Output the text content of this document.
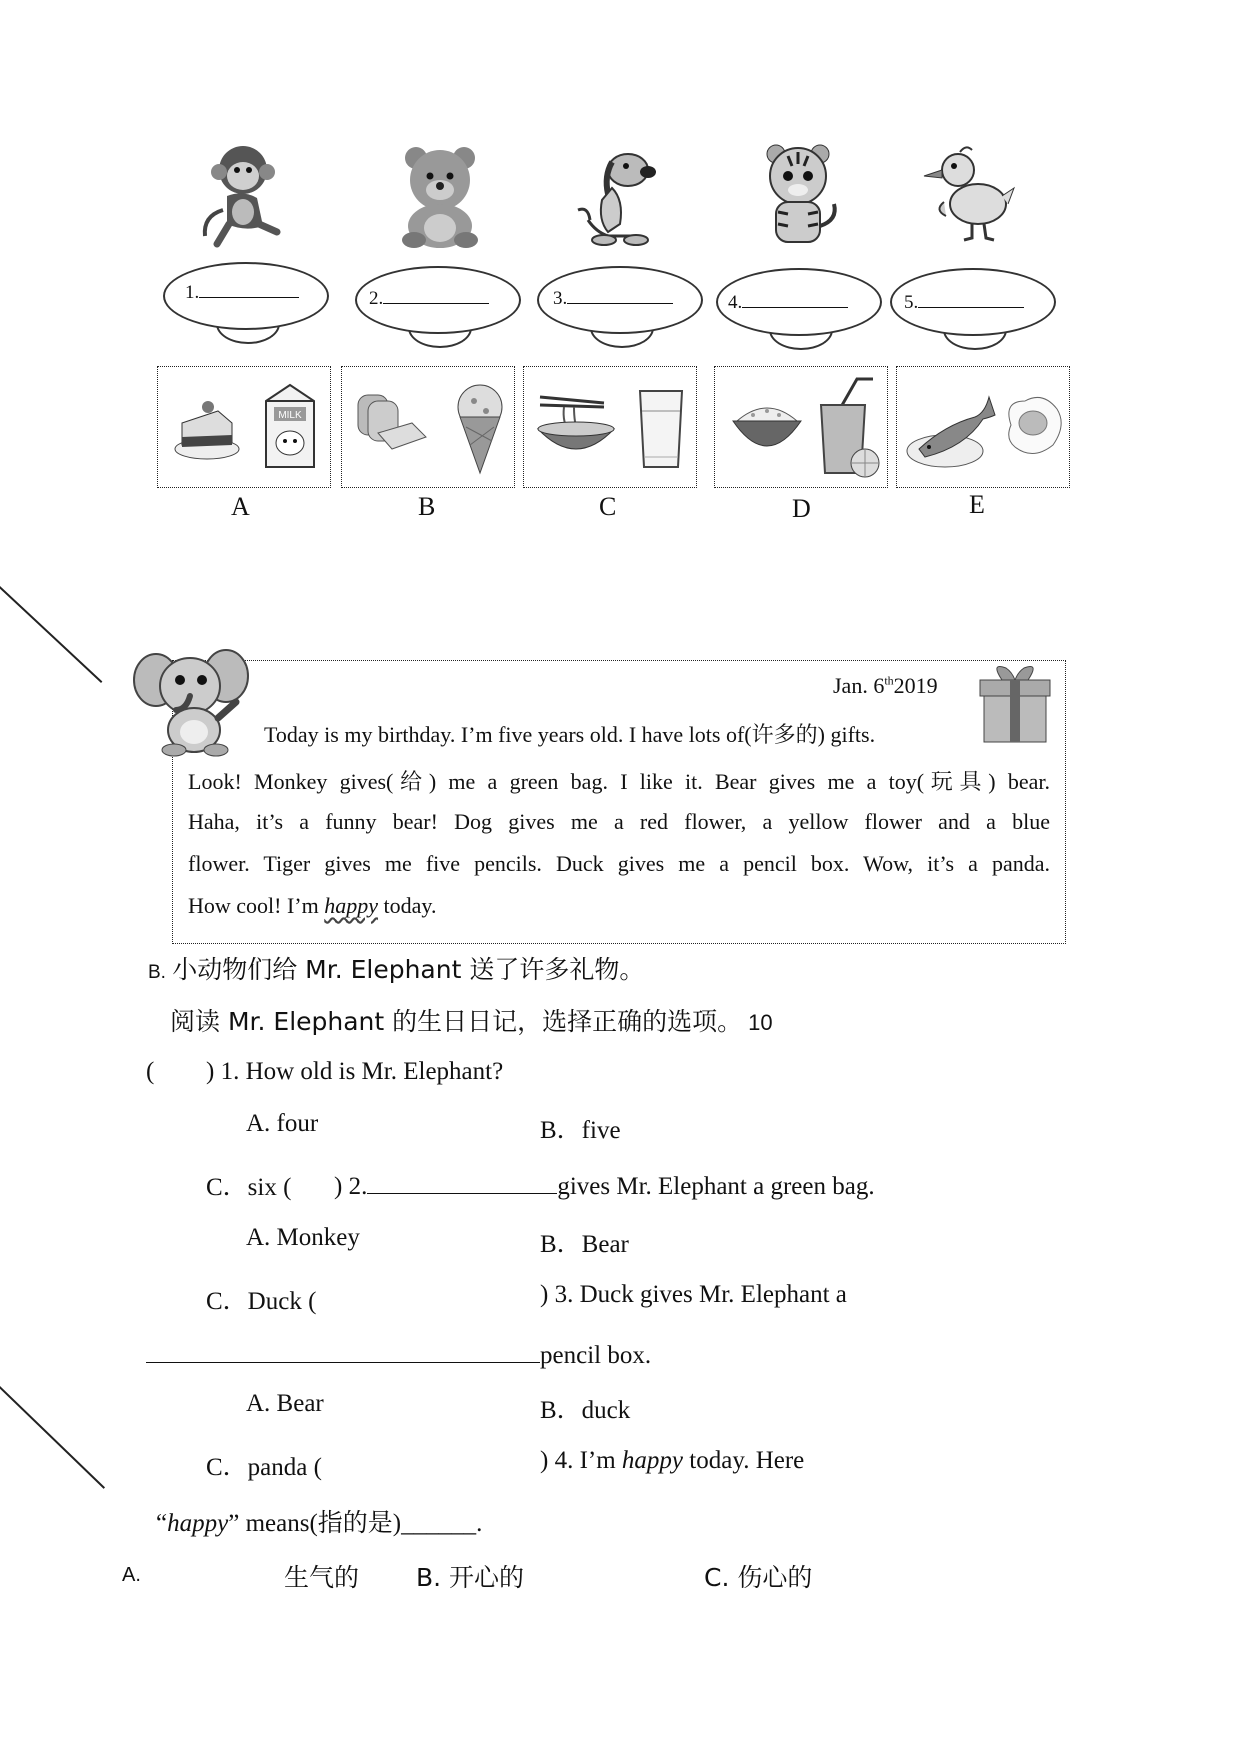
1.	2.	3.	4.	5.
MILK
A	B	C	D	E
Jan. 6th2019
Today is my birthday. I’m five years old. I have lots of(许多的) gifts.
Look! Monkey gives(给) me a green bag. I like it. Bear gives me a toy(玩具) bear.
Haha, it’s a funny bear! Dog gives me a red flower, a yellow flower and a blue
flower. Tiger gives me five pencils. Duck gives me a pencil box. Wow, it’s a panda.
How cool! I’m happy today.
B. 小动物们给 Mr. Elephant 送了许多礼物。
阅读 Mr. Elephant 的生日日记，选择正确的选项。 10
( ) 1. How old is Mr. Elephant?
A. four	B．five
C．six ( ) 2.	gives Mr. Elephant a green bag.
A. Monkey	B．Bear
C．Duck (	) 3. Duck gives Mr. Elephant a
pencil box.
A. Bear	B．duck
C．panda (	) 4. I’m happy today. Here
“happy” means(指的是)______.
A.	生气的 B. 开心的	C. 伤心的
